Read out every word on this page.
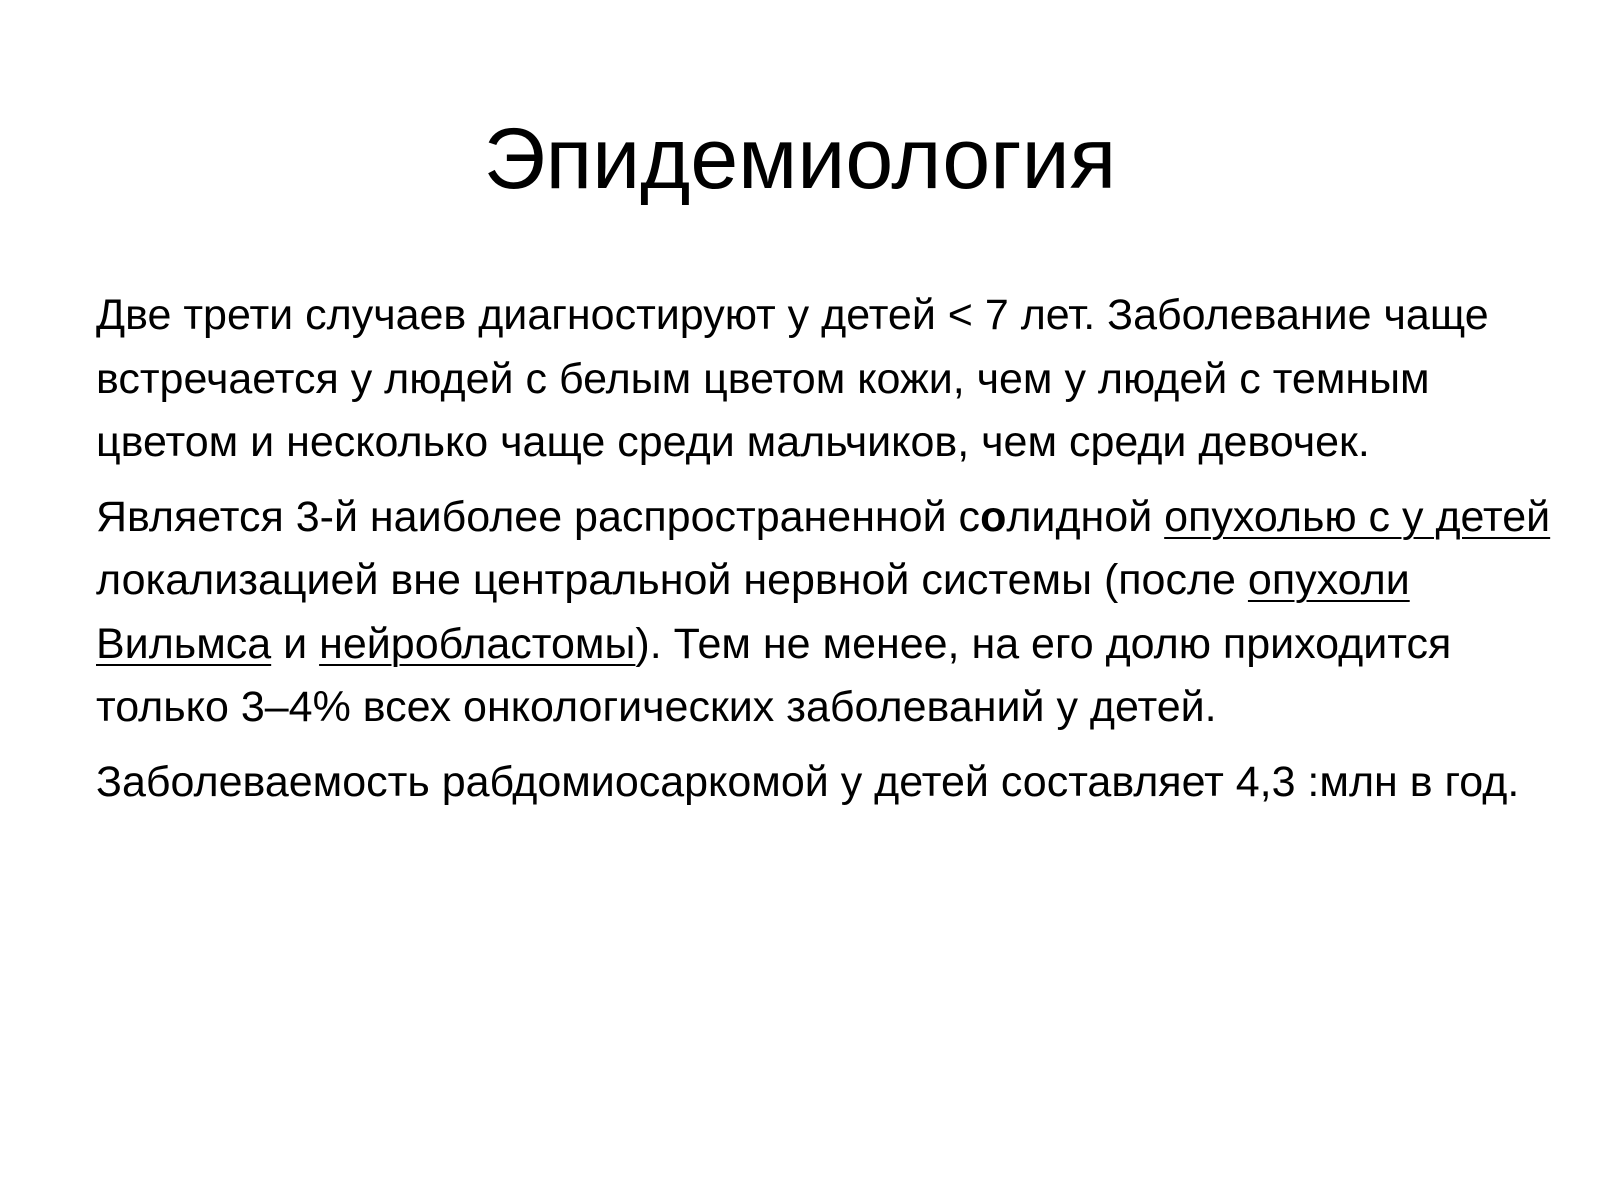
Эпидемиология

Две трети случаев диагностируют у детей < 7 лет. Заболевание чаще встречается у людей с белым цветом кожи, чем у людей с темным цветом и несколько чаще среди мальчиков, чем среди девочек.

Является 3-й наиболее распространенной солидной опухолью с у детей локализацией вне центральной нервной системы (после опухоли Вильмса и нейробластомы). Тем не менее, на его долю приходится только 3–4% всех онкологических заболеваний у детей.

Заболеваемость рабдомиосаркомой у детей составляет 4,3 :млн в год.
